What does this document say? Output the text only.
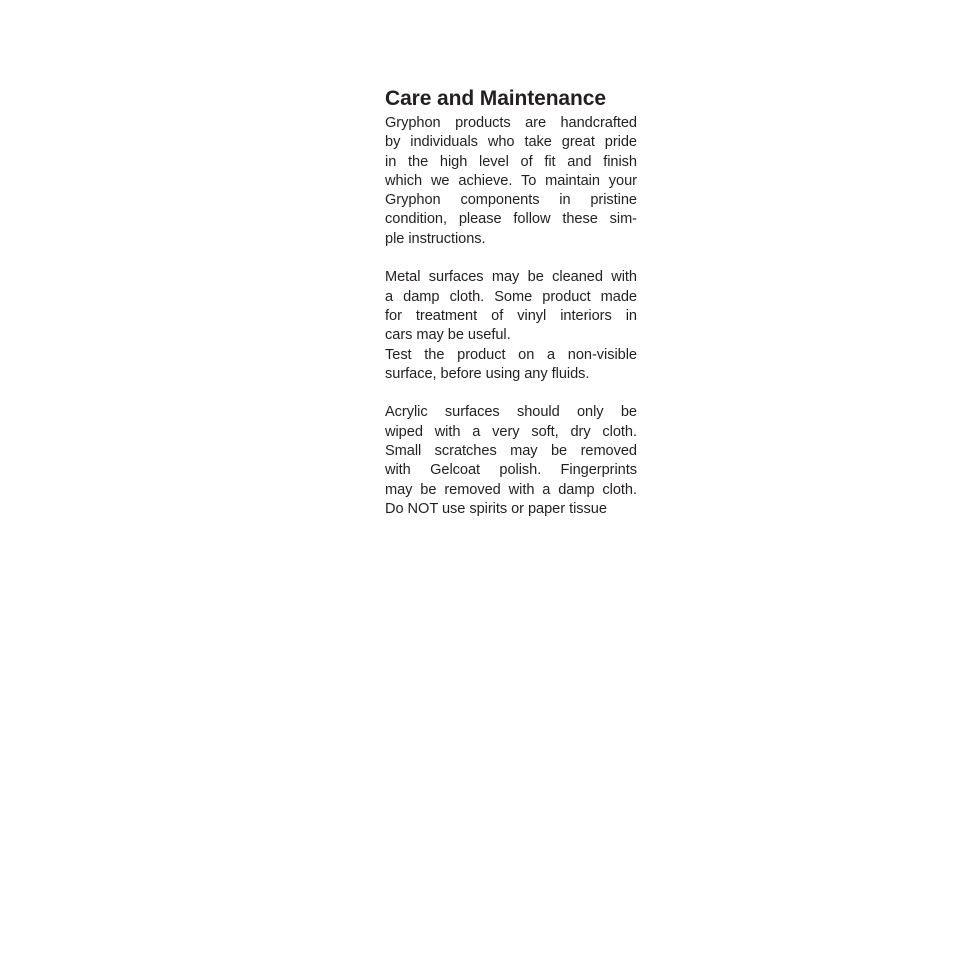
Care and Maintenance

Gryphon products are handcrafted
by individuals who take great pride
in the high level of fit and finish
which we achieve. To maintain your
Gryphon components in pristine
condition, please follow these sim-
ple instructions.

Metal surfaces may be cleaned with
a damp cloth. Some product made
for treatment of vinyl interiors in
cars may be useful.

Test the product on a non-visible
surface, before using any fluids.

Acrylic surfaces should only be
wiped with a very soft, dry cloth.
Small scratches may be removed
with Gelcoat polish. Fingerprints
may be removed with a damp cloth.
Do NOT use spirits or paper tissue
